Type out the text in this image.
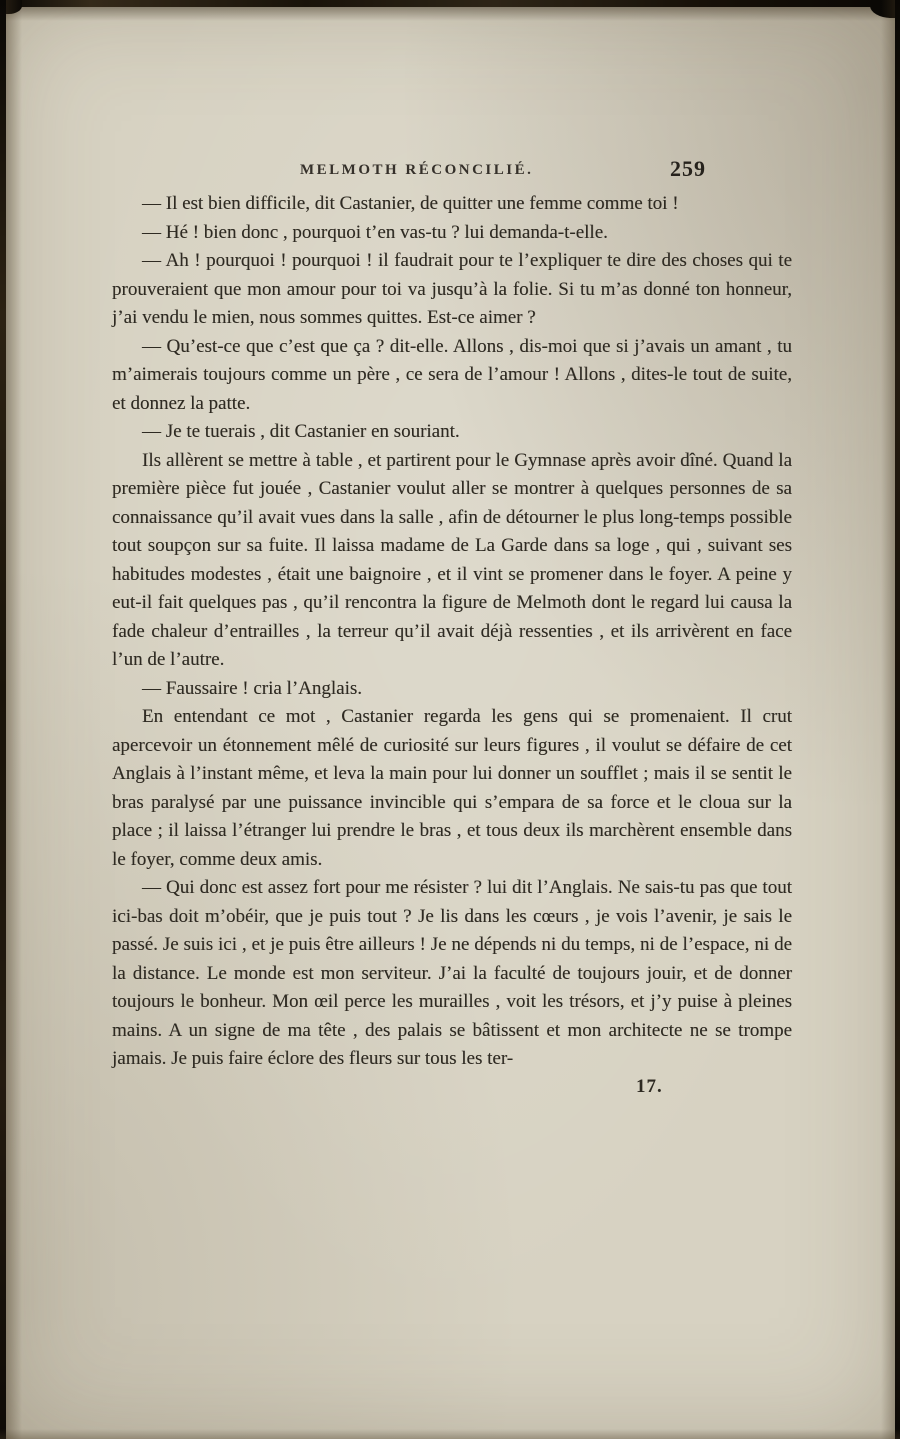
MELMOTH RÉCONCILIÉ.	259

— Il est bien difficile, dit Castanier, de quitter une femme comme toi !

— Hé ! bien donc , pourquoi t’en vas-tu ? lui demanda-t-elle.

— Ah ! pourquoi ! pourquoi ! il faudrait pour te l’expliquer te dire des choses qui te prouveraient que mon amour pour toi va jusqu’à la folie. Si tu m’as donné ton honneur, j’ai vendu le mien, nous sommes quittes. Est-ce aimer ?

— Qu’est-ce que c’est que ça ? dit-elle. Allons , dis-moi que si j’avais un amant , tu m’aimerais toujours comme un père , ce sera de l’amour ! Allons , dites-le tout de suite, et donnez la patte.

— Je te tuerais , dit Castanier en souriant.

Ils allèrent se mettre à table , et partirent pour le Gymnase après avoir dîné. Quand la première pièce fut jouée , Castanier voulut aller se montrer à quelques personnes de sa connaissance qu’il avait vues dans la salle , afin de détourner le plus long-temps possible tout soupçon sur sa fuite. Il laissa madame de La Garde dans sa loge , qui , suivant ses habitudes modestes , était une baignoire , et il vint se promener dans le foyer. A peine y eut-il fait quelques pas , qu’il rencontra la figure de Melmoth dont le regard lui causa la fade chaleur d’entrailles , la terreur qu’il avait déjà ressenties , et ils arrivèrent en face l’un de l’autre.

— Faussaire ! cria l’Anglais.

En entendant ce mot , Castanier regarda les gens qui se promenaient. Il crut apercevoir un étonnement mêlé de curiosité sur leurs figures , il voulut se défaire de cet Anglais à l’instant même, et leva la main pour lui donner un soufflet ; mais il se sentit le bras paralysé par une puissance invincible qui s’empara de sa force et le cloua sur la place ; il laissa l’étranger lui prendre le bras , et tous deux ils marchèrent ensemble dans le foyer, comme deux amis.

— Qui donc est assez fort pour me résister ? lui dit l’Anglais. Ne sais-tu pas que tout ici-bas doit m’obéir, que je puis tout ? Je lis dans les cœurs , je vois l’avenir, je sais le passé. Je suis ici , et je puis être ailleurs ! Je ne dépends ni du temps, ni de l’espace, ni de la distance. Le monde est mon serviteur. J’ai la faculté de toujours jouir, et de donner toujours le bonheur. Mon œil perce les murailles , voit les trésors, et j’y puise à pleines mains. A un signe de ma tête , des palais se bâtissent et mon architecte ne se trompe jamais. Je puis faire éclore des fleurs sur tous les ter-

17.
